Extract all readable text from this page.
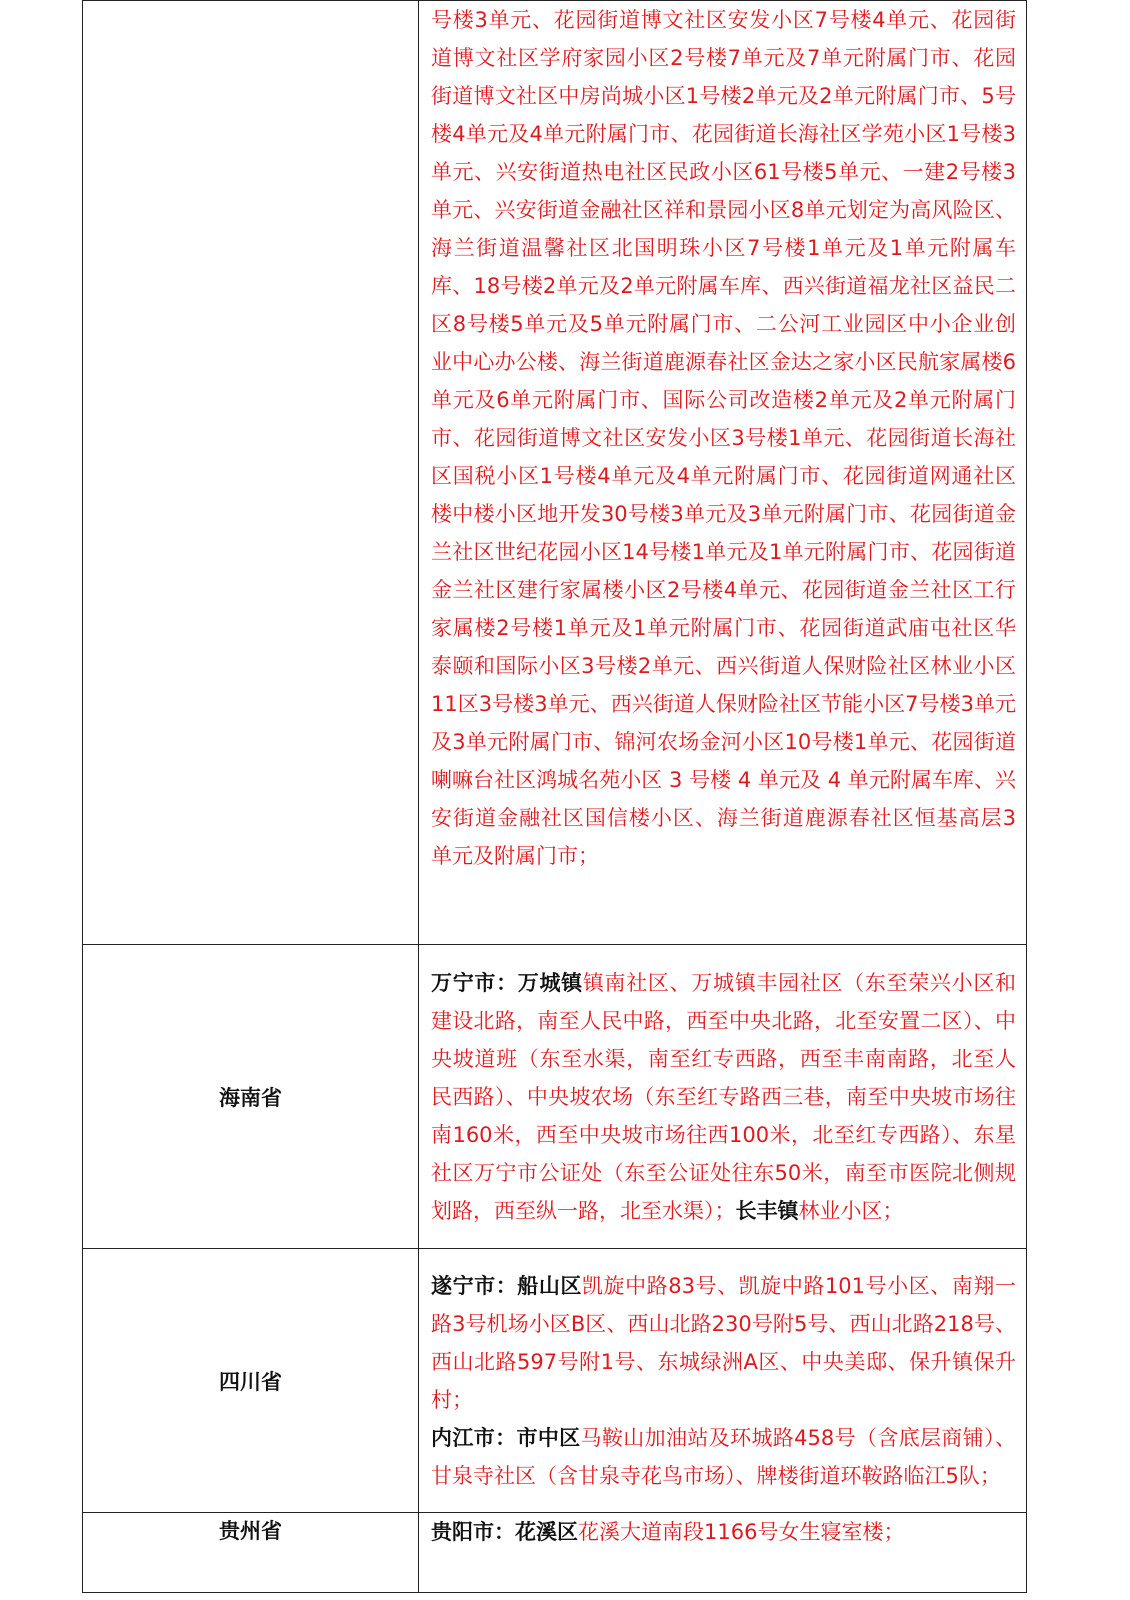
	号楼3单元、花园街道博文社区安发小区7号楼4单元、花园街道博文社区学府家园小区2号楼7单元及7单元附属门市、花园街道博文社区中房尚城小区1号楼2单元及2单元附属门市、5号楼4单元及4单元附属门市、花园街道长海社区学苑小区1号楼3单元、兴安街道热电社区民政小区61号楼5单元、一建2号楼3单元、兴安街道金融社区祥和景园小区8单元划定为高风险区、海兰街道温馨社区北国明珠小区7号楼1单元及1单元附属车库、18号楼2单元及2单元附属车库、西兴街道福龙社区益民二区8号楼5单元及5单元附属门市、二公河工业园区中小企业创业中心办公楼、海兰街道鹿源春社区金达之家小区民航家属楼6单元及6单元附属门市、国际公司改造楼2单元及2单元附属门市、花园街道博文社区安发小区3号楼1单元、花园街道长海社区国税小区1号楼4单元及4单元附属门市、花园街道网通社区楼中楼小区地开发30号楼3单元及3单元附属门市、花园街道金兰社区世纪花园小区14号楼1单元及1单元附属门市、花园街道金兰社区建行家属楼小区2号楼4单元、花园街道金兰社区工行家属楼2号楼1单元及1单元附属门市、花园街道武庙屯社区华泰颐和国际小区3号楼2单元、西兴街道人保财险社区林业小区11区3号楼3单元、西兴街道人保财险社区节能小区7号楼3单元及3单元附属门市、锦河农场金河小区10号楼1单元、花园街道喇嘛台社区鸿城名苑小区 3 号楼 4 单元及 4 单元附属车库、兴安街道金融社区国信楼小区、海兰街道鹿源春社区恒基高层3 单元及附属门市；
海南省	万宁市：万城镇镇南社区、万城镇丰园社区（东至荣兴小区和建设北路，南至人民中路，西至中央北路，北至安置二区）、中央坡道班（东至水渠，南至红专西路，西至丰南南路，北至人民西路）、中央坡农场（东至红专路西三巷，南至中央坡市场往南160米，西至中央坡市场往西100米，北至红专西路）、东星社区万宁市公证处（东至公证处往东50米，南至市医院北侧规划路，西至纵一路，北至水渠）；长丰镇林业小区；

四川省	遂宁市：船山区凯旋中路83号、凯旋中路101号小区、南翔一路3号机场小区B区、西山北路230号附5号、西山北路218号、西山北路597号附1号、东城绿洲A区、中央美邸、保升镇保升村；
内江市：市中区马鞍山加油站及环城路458号（含底层商铺）、甘泉寺社区（含甘泉寺花鸟市场）、牌楼街道环鞍路临江5队；

贵州省	贵阳市：花溪区花溪大道南段1166号女生寝室楼；
